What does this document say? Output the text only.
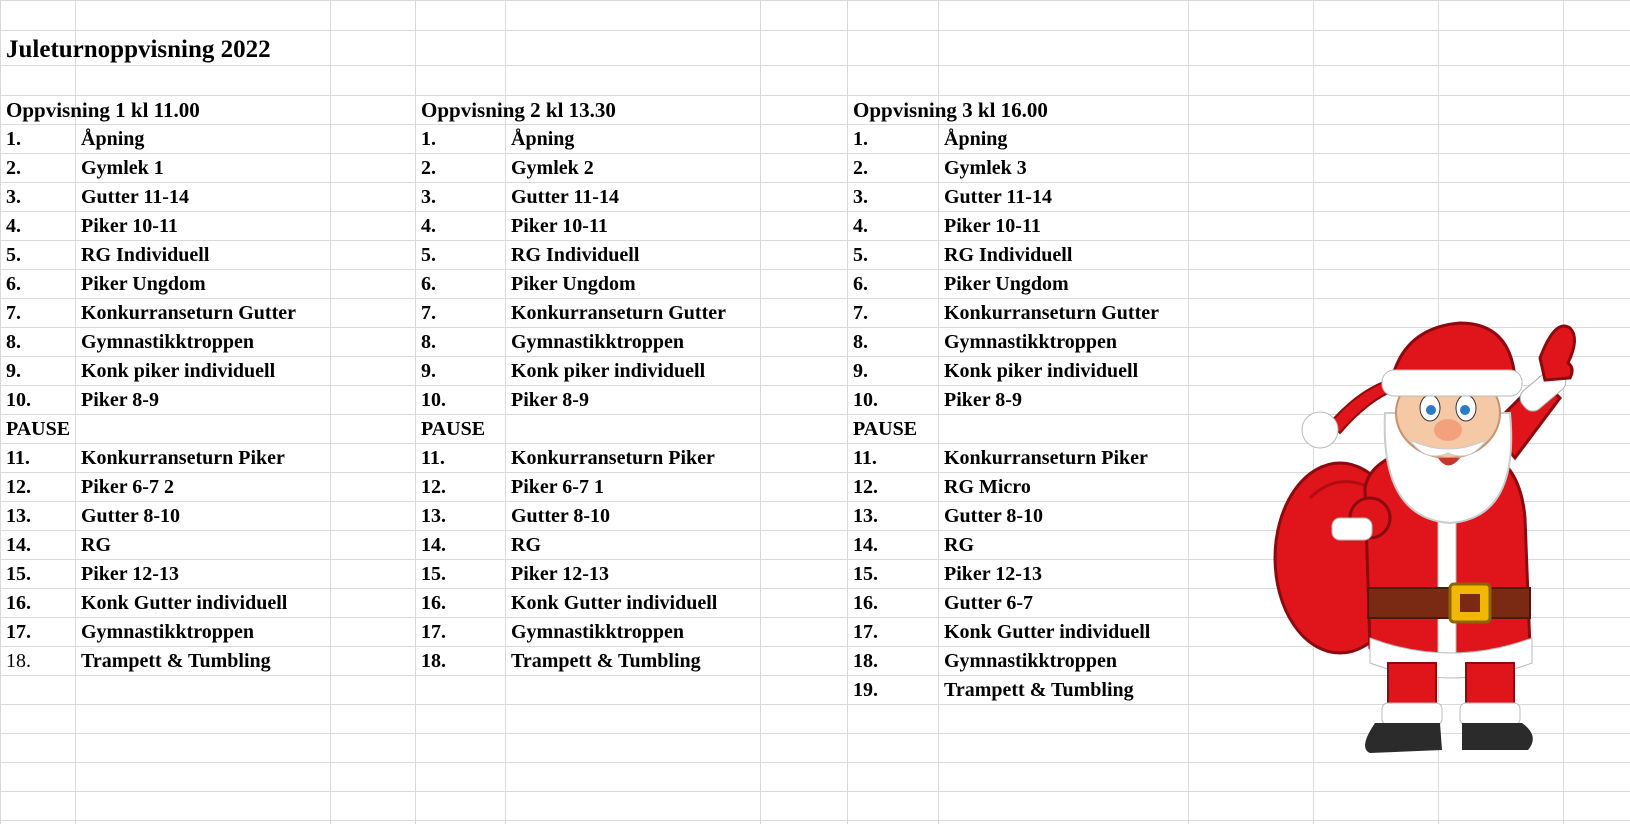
Juleturnoppvisning 2022
Oppvisning 1 kl 11.00
1.	Åpning
2.	Gymlek 1
3.	Gutter 11-14
4.	Piker 10-11
5.	RG Individuell
6.	Piker Ungdom
7.	Konkurranseturn Gutter
8.	Gymnastikktroppen
9.	Konk piker individuell
10.	Piker 8-9
PAUSE
11.	Konkurranseturn Piker
12.	Piker 6-7 2
13.	Gutter 8-10
14.	RG
15.	Piker 12-13
16.	Konk Gutter individuell
17.	Gymnastikktroppen
18.	Trampett & Tumbling
Oppvisning 2 kl 13.30
1.	Åpning
2.	Gymlek 2
3.	Gutter 11-14
4.	Piker 10-11
5.	RG Individuell
6.	Piker Ungdom
7.	Konkurranseturn Gutter
8.	Gymnastikktroppen
9.	Konk piker individuell
10.	Piker 8-9
PAUSE
11.	Konkurranseturn Piker
12.	Piker 6-7 1
13.	Gutter 8-10
14.	RG
15.	Piker 12-13
16.	Konk Gutter individuell
17.	Gymnastikktroppen
18.	Trampett & Tumbling
Oppvisning 3 kl 16.00
1.	Åpning
2.	Gymlek 3
3.	Gutter 11-14
4.	Piker 10-11
5.	RG Individuell
6.	Piker Ungdom
7.	Konkurranseturn Gutter
8.	Gymnastikktroppen
9.	Konk piker individuell
10.	Piker 8-9
PAUSE
11.	Konkurranseturn Piker
12.	RG Micro
13.	Gutter 8-10
14.	RG
15.	Piker 12-13
16.	Gutter 6-7
17.	Konk Gutter individuell
18.	Gymnastikktroppen
19.	Trampett & Tumbling
